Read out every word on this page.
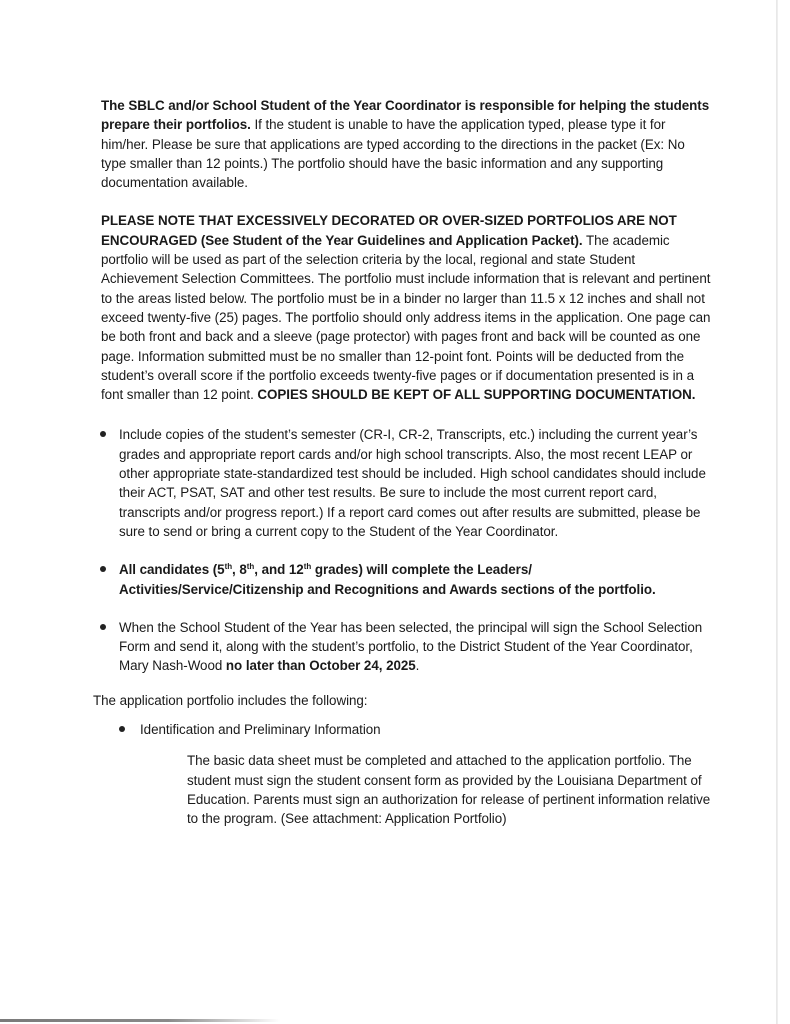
The SBLC and/or School Student of the Year Coordinator is responsible for helping the students prepare their portfolios. If the student is unable to have the application typed, please type it for him/her. Please be sure that applications are typed according to the directions in the packet (Ex: No type smaller than 12 points.) The portfolio should have the basic information and any supporting documentation available.

PLEASE NOTE THAT EXCESSIVELY DECORATED OR OVER-SIZED PORTFOLIOS ARE NOT ENCOURAGED (See Student of the Year Guidelines and Application Packet). The academic portfolio will be used as part of the selection criteria by the local, regional and state Student Achievement Selection Committees. The portfolio must include information that is relevant and pertinent to the areas listed below. The portfolio must be in a binder no larger than 11.5 x 12 inches and shall not exceed twenty-five (25) pages. The portfolio should only address items in the application. One page can be both front and back and a sleeve (page protector) with pages front and back will be counted as one page. Information submitted must be no smaller than 12-point font. Points will be deducted from the student’s overall score if the portfolio exceeds twenty-five pages or if documentation presented is in a font smaller than 12 point. COPIES SHOULD BE KEPT OF ALL SUPPORTING DOCUMENTATION.

Include copies of the student’s semester (CR-I, CR-2, Transcripts, etc.) including the current year’s grades and appropriate report cards and/or high school transcripts. Also, the most recent LEAP or other appropriate state-standardized test should be included. High school candidates should include their ACT, PSAT, SAT and other test results. Be sure to include the most current report card, transcripts and/or progress report.) If a report card comes out after results are submitted, please be sure to send or bring a current copy to the Student of the Year Coordinator.
All candidates (5th, 8th, and 12th grades) will complete the Leaders/ Activities/Service/Citizenship and Recognitions and Awards sections of the portfolio.
When the School Student of the Year has been selected, the principal will sign the School Selection Form and send it, along with the student’s portfolio, to the District Student of the Year Coordinator, Mary Nash-Wood no later than October 24, 2025.

The application portfolio includes the following:

Identification and Preliminary Information

The basic data sheet must be completed and attached to the application portfolio. The student must sign the student consent form as provided by the Louisiana Department of Education. Parents must sign an authorization for release of pertinent information relative to the program. (See attachment: Application Portfolio)
